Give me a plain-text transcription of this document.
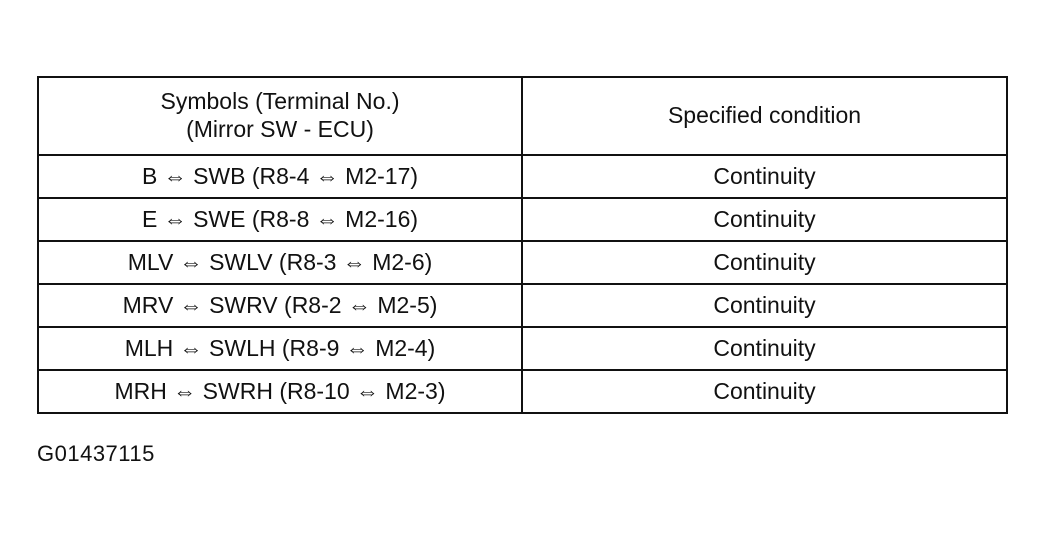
Symbols (Terminal No.)
(Mirror SW - ECU)	Specified condition
B ⇔ SWB (R8-4 ⇔ M2-17)	Continuity
E ⇔ SWE (R8-8 ⇔ M2-16)	Continuity
MLV ⇔ SWLV (R8-3 ⇔ M2-6)	Continuity
MRV ⇔ SWRV (R8-2 ⇔ M2-5)	Continuity
MLH ⇔ SWLH (R8-9 ⇔ M2-4)	Continuity
MRH ⇔ SWRH (R8-10 ⇔ M2-3)	Continuity
G01437115
